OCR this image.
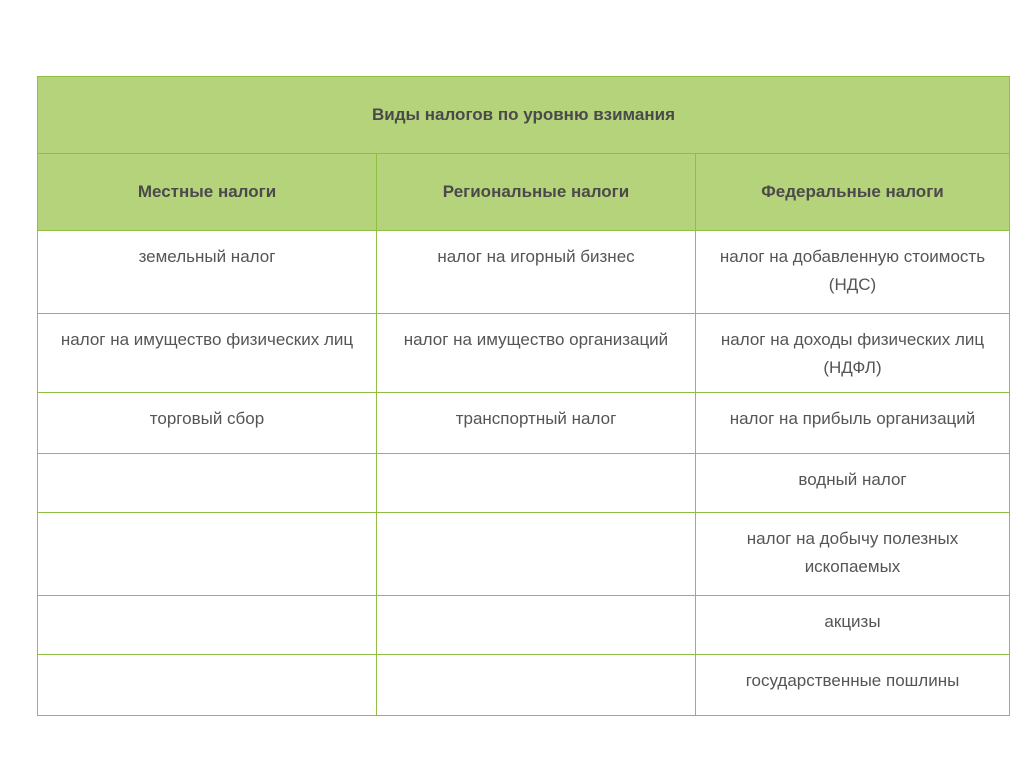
Виды налогов по уровню взимания		
Местные налоги	Региональные налоги	Федеральные налоги
земельный налог	налог на игорный бизнес	налог на добавленную стоимость (НДС)
налог на имущество физических лиц	налог на имущество организаций	налог на доходы физических лиц (НДФЛ)
торговый сбор	транспортный налог	налог на прибыль организаций
		водный налог
		налог на добычу полезных ископаемых
		акцизы
		государственные пошлины
